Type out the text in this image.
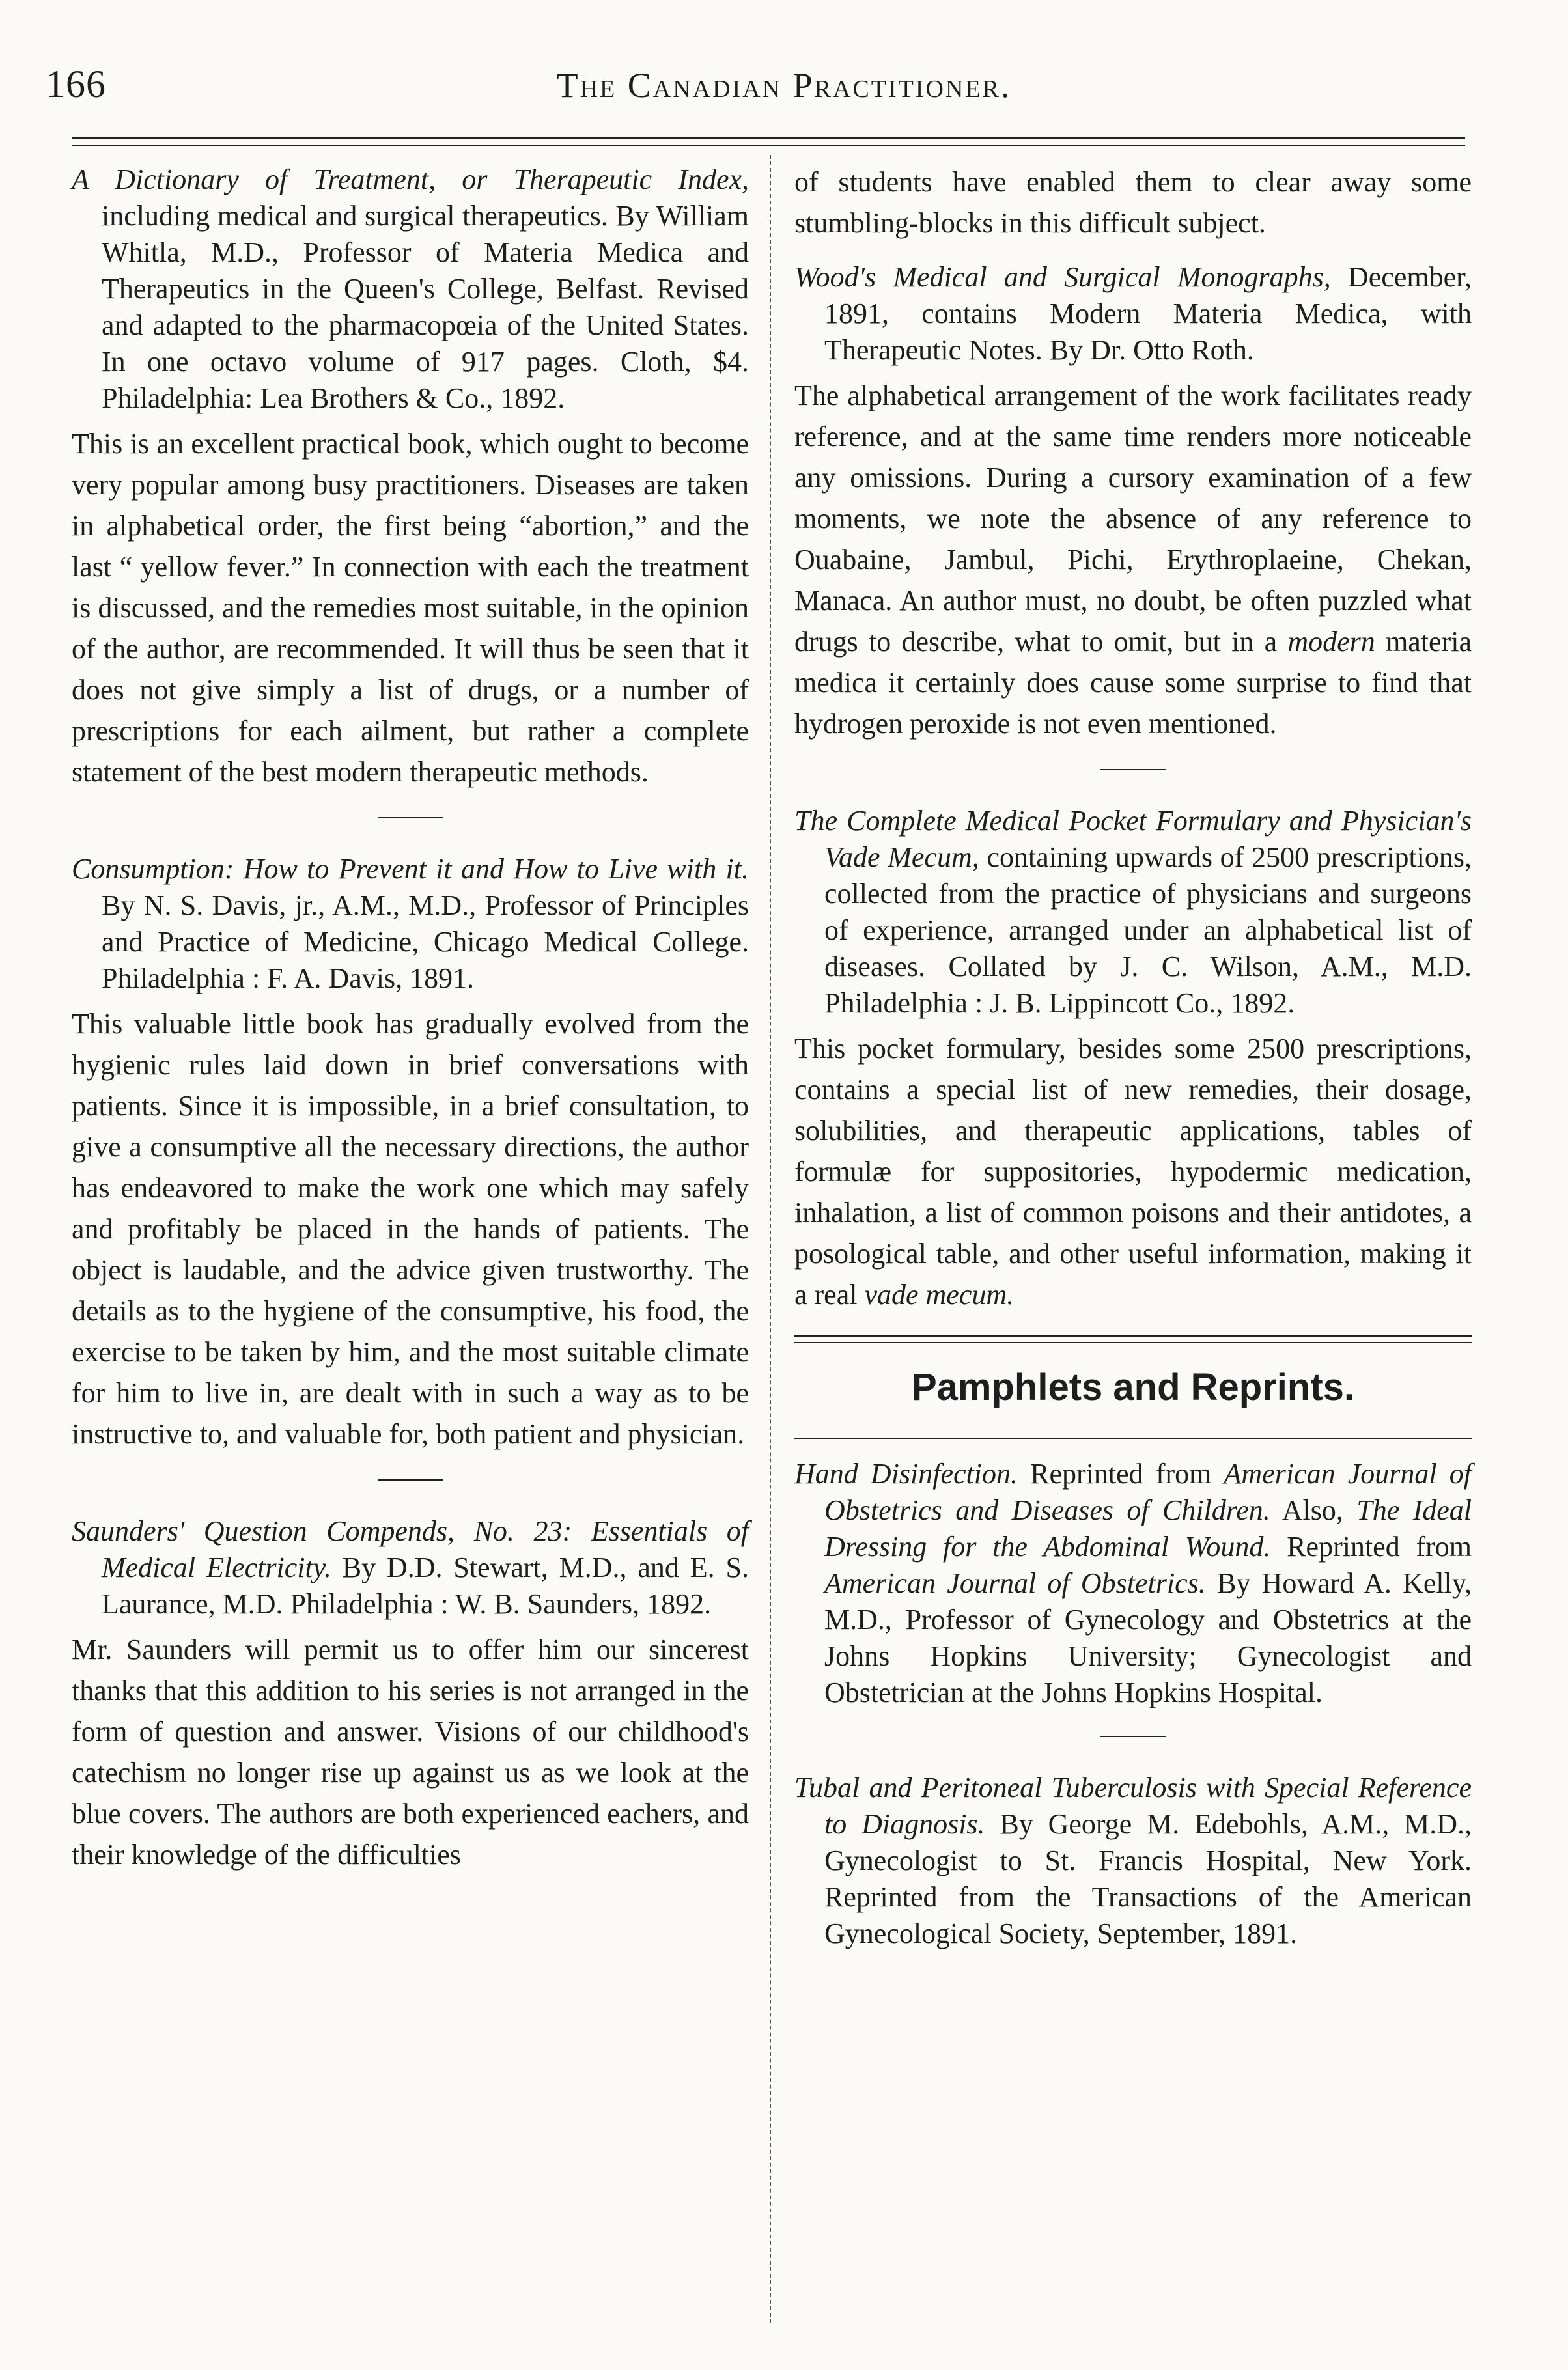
166	The Canadian Practitioner.

A Dictionary of Treatment, or Therapeutic Index, including medical and surgical therapeutics. By William Whitla, M.D., Professor of Materia Medica and Therapeutics in the Queen's College, Belfast. Revised and adapted to the pharmacopœia of the United States. In one octavo volume of 917 pages. Cloth, $4. Philadelphia: Lea Brothers & Co., 1892.

This is an excellent practical book, which ought to become very popular among busy practitioners. Diseases are taken in alphabetical order, the first being “abortion,” and the last “ yellow fever.” In connection with each the treatment is discussed, and the remedies most suitable, in the opinion of the author, are recommended. It will thus be seen that it does not give simply a list of drugs, or a number of prescriptions for each ailment, but rather a complete statement of the best modern therapeutic methods.

Consumption: How to Prevent it and How to Live with it. By N. S. Davis, jr., A.M., M.D., Professor of Principles and Practice of Medicine, Chicago Medical College. Philadelphia : F. A. Davis, 1891.

This valuable little book has gradually evolved from the hygienic rules laid down in brief conversations with patients. Since it is impossible, in a brief consultation, to give a consumptive all the necessary directions, the author has endeavored to make the work one which may safely and profitably be placed in the hands of patients. The object is laudable, and the advice given trustworthy. The details as to the hygiene of the consumptive, his food, the exercise to be taken by him, and the most suitable climate for him to live in, are dealt with in such a way as to be instructive to, and valuable for, both patient and physician.

Saunders' Question Compends, No. 23: Essentials of Medical Electricity. By D.D. Stewart, M.D., and E. S. Laurance, M.D. Philadelphia : W. B. Saunders, 1892.

Mr. Saunders will permit us to offer him our sincerest thanks that this addition to his series is not arranged in the form of question and answer. Visions of our childhood's catechism no longer rise up against us as we look at the blue covers. The authors are both experienced eachers, and their knowledge of the difficulties

of students have enabled them to clear away some stumbling-blocks in this difficult subject.

Wood's Medical and Surgical Monographs, December, 1891, contains Modern Materia Medica, with Therapeutic Notes. By Dr. Otto Roth.

The alphabetical arrangement of the work facilitates ready reference, and at the same time renders more noticeable any omissions. During a cursory examination of a few moments, we note the absence of any reference to Ouabaine, Jambul, Pichi, Erythroplaeine, Chekan, Manaca. An author must, no doubt, be often puzzled what drugs to describe, what to omit, but in a modern materia medica it certainly does cause some surprise to find that hydrogen peroxide is not even mentioned.

The Complete Medical Pocket Formulary and Physician's Vade Mecum, containing upwards of 2500 prescriptions, collected from the practice of physicians and surgeons of experience, arranged under an alphabetical list of diseases. Collated by J. C. Wilson, A.M., M.D. Philadelphia : J. B. Lippincott Co., 1892.

This pocket formulary, besides some 2500 prescriptions, contains a special list of new remedies, their dosage, solubilities, and therapeutic applications, tables of formulæ for suppositories, hypodermic medication, inhalation, a list of common poisons and their antidotes, a posological table, and other useful information, making it a real vade mecum.

Pamphlets and Reprints.

Hand Disinfection. Reprinted from American Journal of Obstetrics and Diseases of Children. Also, The Ideal Dressing for the Abdominal Wound. Reprinted from American Journal of Obstetrics. By Howard A. Kelly, M.D., Professor of Gynecology and Obstetrics at the Johns Hopkins University; Gynecologist and Obstetrician at the Johns Hopkins Hospital.

Tubal and Peritoneal Tuberculosis with Special Reference to Diagnosis. By George M. Edebohls, A.M., M.D., Gynecologist to St. Francis Hospital, New York. Reprinted from the Transactions of the American Gynecological Society, September, 1891.
